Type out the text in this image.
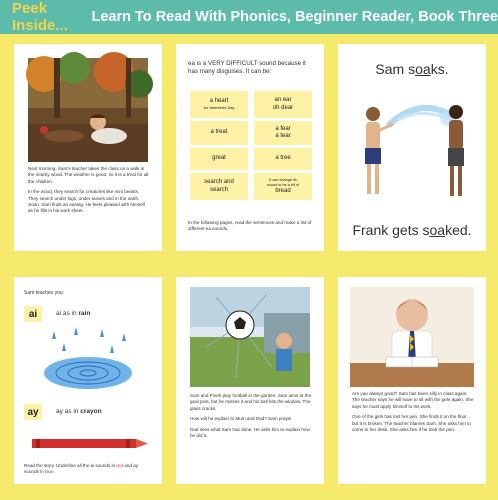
Peek Inside...	Learn To Read With Phonics, Beginner Reader, Book Three

Next morning, Sam's teacher takes the class on a walk in the nearby wood. The weather is good, so it is a treat for all the children.

In the wood, they search for creatures like mini beasts. They search under logs, under leaves and in the earth. Soon, Sam finds an earwig. He feels pleased with himself as he fills in his work sheet.

ea is a VERY DIFFICULT sound because it has many disguises. It can be:
a heart
for Valentines Day
an ear
oh dear
a treat
a fear
a tear
great	a tree
search and
search
It can change its
sound to be a bit of
bread
In the following pages, read the sentences and make a list of different ea sounds.
Sam soaks.
Frank gets soaked.
Sam teaches you:
ai	ai as in rain
ay	ay as in crayon
Read the story. Underline all the ai sounds in red and ay sounds in blue.

Sam and Frank play football in the garden. Sam aims at the goal post, but he misses it and his ball hits the window. The glass cracks.

How will he explain to Mum and Dad? Sam prays!

Dad sees what Sam has done. He asks him to explain how he did it.

Are you always good? Sam has been silly in class again. The teacher says he will have to sit with the girls again. She says he must apply himself to his work.

One of the girls has lost her pen. She finds it on the floor, but it is broken. The teacher blames Sam. She asks him to come to her desk. She asks him if he took the pen.
